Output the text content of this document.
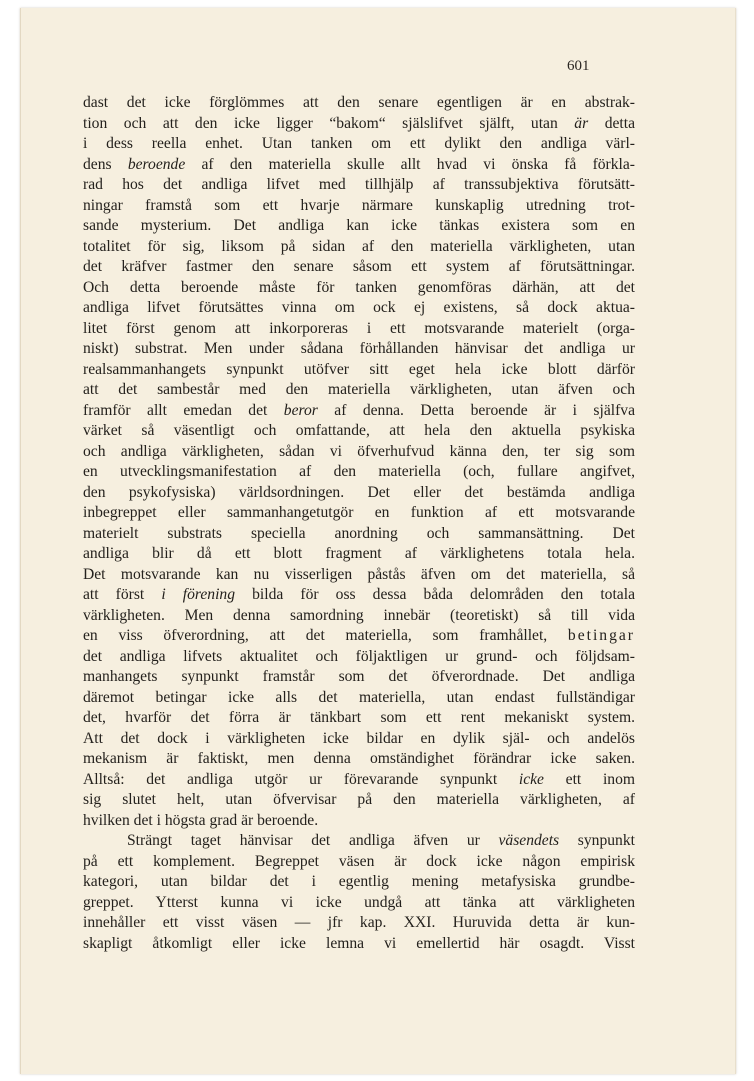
601
dast det icke förglömmes att den senare egentligen är en abstrak-
tion och att den icke ligger “bakom“ själslifvet själft, utan är detta
i dess reella enhet. Utan tanken om ett dylikt den andliga värl-
dens beroende af den materiella skulle allt hvad vi önska få förkla-
rad hos det andliga lifvet med tillhjälp af transsubjektiva förutsätt-
ningar framstå som ett hvarje närmare kunskaplig utredning trot-
sande mysterium. Det andliga kan icke tänkas existera som en
totalitet för sig, liksom på sidan af den materiella värkligheten, utan
det kräfver fastmer den senare såsom ett system af förutsättningar.
Och detta beroende måste för tanken genomföras därhän, att det
andliga lifvet förutsättes vinna om ock ej existens, så dock aktua-
litet först genom att inkorporeras i ett motsvarande materielt (orga-
niskt) substrat. Men under sådana förhållanden hänvisar det andliga ur
realsammanhangets synpunkt utöfver sitt eget hela icke blott därför
att det sambestår med den materiella värkligheten, utan äfven och
framför allt emedan det beror af denna. Detta beroende är i själfva
värket så väsentligt och omfattande, att hela den aktuella psykiska
och andliga värkligheten, sådan vi öfverhufvud känna den, ter sig som
en utvecklingsmanifestation af den materiella (och, fullare angifvet,
den psykofysiska) världsordningen. Det eller det bestämda andliga
inbegreppet eller sammanhangetutgör en funktion af ett motsvarande
materielt substrats speciella anordning och sammansättning. Det
andliga blir då ett blott fragment af värklighetens totala hela.
Det motsvarande kan nu visserligen påstås äfven om det materiella, så
att först i förening bilda för oss dessa båda delområden den totala
värkligheten. Men denna samordning innebär (teoretiskt) så till vida
en viss öfverordning, att det materiella, som framhållet, betingar
det andliga lifvets aktualitet och följaktligen ur grund- och följdsam-
manhangets synpunkt framstår som det öfverordnade. Det andliga
däremot betingar icke alls det materiella, utan endast fullständigar
det, hvarför det förra är tänkbart som ett rent mekaniskt system.
Att det dock i värkligheten icke bildar en dylik själ- och andelös
mekanism är faktiskt, men denna omständighet förändrar icke saken.
Alltså: det andliga utgör ur förevarande synpunkt icke ett inom
sig slutet helt, utan öfvervisar på den materiella värkligheten, af
hvilken det i högsta grad är beroende.
Strängt taget hänvisar det andliga äfven ur väsendets synpunkt
på ett komplement. Begreppet väsen är dock icke någon empirisk
kategori, utan bildar det i egentlig mening metafysiska grundbe-
greppet. Ytterst kunna vi icke undgå att tänka att värkligheten
innehåller ett visst väsen — jfr kap. XXI. Huruvida detta är kun-
skapligt åtkomligt eller icke lemna vi emellertid här osagdt. Visst
